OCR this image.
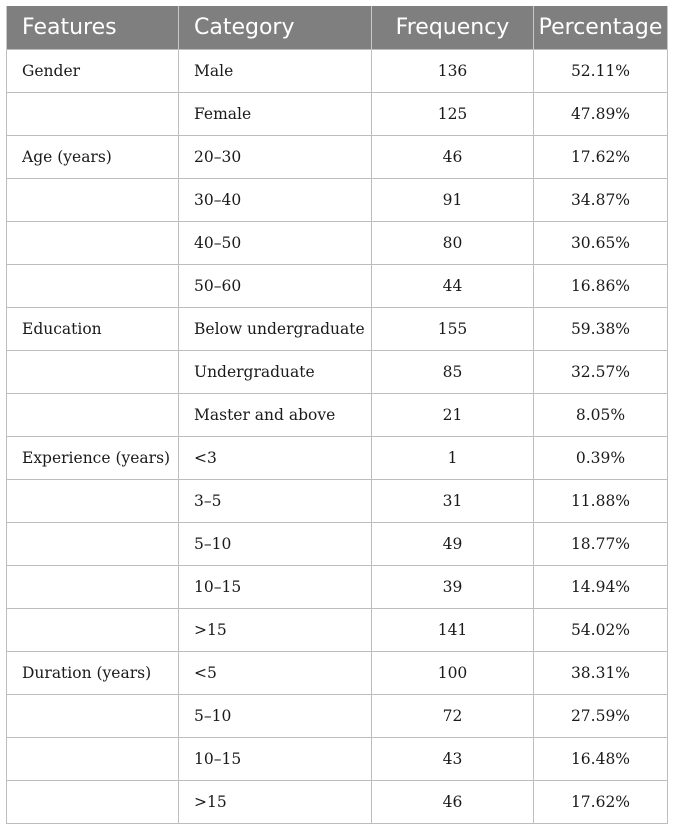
Features	Category	Frequency	Percentage
Gender	Male	136	52.11%
	Female	125	47.89%
Age (years)	20–30	46	17.62%
	30–40	91	34.87%
	40–50	80	30.65%
	50–60	44	16.86%
Education	Below undergraduate	155	59.38%
	Undergraduate	85	32.57%
	Master and above	21	8.05%
Experience (years)	<3	1	0.39%
	3–5	31	11.88%
	5–10	49	18.77%
	10–15	39	14.94%
	>15	141	54.02%
Duration (years)	<5	100	38.31%
	5–10	72	27.59%
	10–15	43	16.48%
	>15	46	17.62%
